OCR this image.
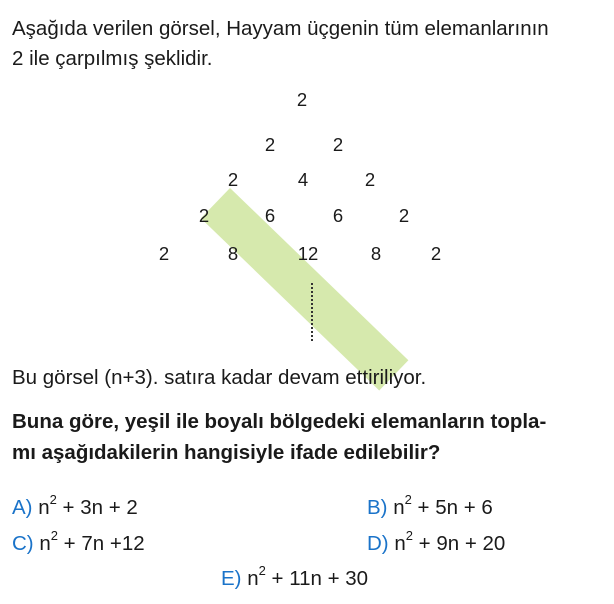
Aşağıda verilen görsel, Hayyam üçgenin tüm elemanlarının
2 ile çarpılmış şeklidir.

2
2	2
2	4	2
2	6	6	2
2	8	12	8	2

Bu görsel (n+3). satıra kadar devam ettiriliyor.

Buna göre, yeşil ile boyalı bölgedeki elemanların topla-
mı aşağıdakilerin hangisiyle ifade edilebilir?

A) $n^2 + 3n + 2$	B) $n^2 + 5n + 6$
C) $n^2 + 7n +12$	D) $n^2 + 9n + 20$
E) $n^2 + 11n + 30$
